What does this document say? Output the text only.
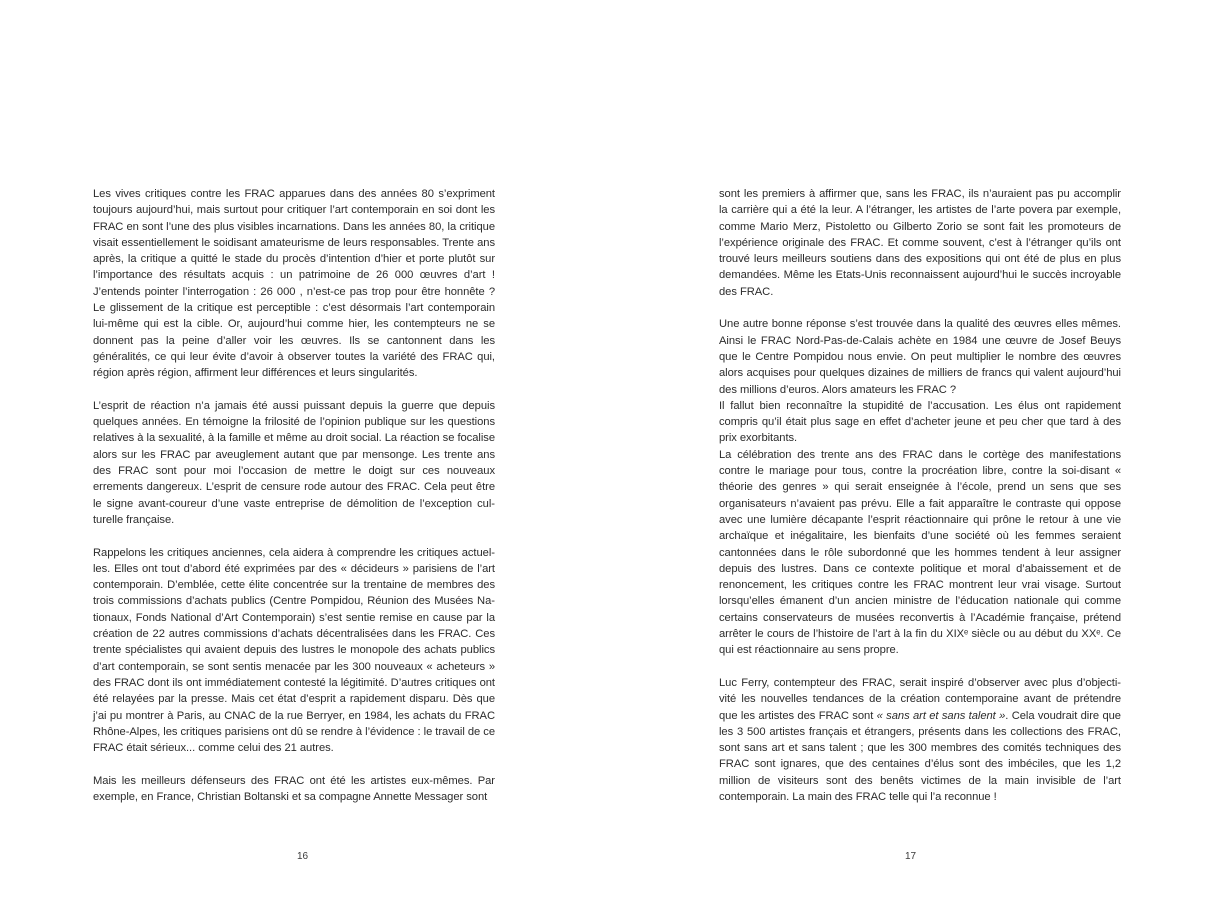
Les vives critiques contre les FRAC apparues dans des années 80 s’expriment toujours aujourd’hui, mais surtout pour critiquer l’art contemporain en soi dont les FRAC en sont l’une des plus visibles incarnations. Dans les années 80, la critique visait essentiellement le soidisant amateurisme de leurs responsables. Trente ans après, la critique a quitté le stade du procès d’intention d’hier et porte plutôt sur l’importance des résultats acquis : un patrimoine de 26 000 œuvres d’art ! J’entends pointer l’interrogation : 26 000 , n’est-ce pas trop pour être honnête ? Le glissement de la critique est perceptible : c’est désormais l’art contemporain lui-même qui est la cible. Or, aujourd’hui comme hier, les contempteurs ne se donnent pas la peine d’aller voir les œuvres. Ils se cantonnent dans les généralités, ce qui leur évite d’avoir à observer toutes la variété des FRAC qui, région après région, affirment leur différences et leurs singularités.

L’esprit de réaction n’a jamais été aussi puissant depuis la guerre que depuis quelques années. En témoigne la frilosité de l’opinion publique sur les questions relatives à la sexualité, à la famille et même au droit social. La réaction se focalise alors sur les FRAC par aveuglement autant que par mensonge. Les trente ans des FRAC sont pour moi l’occasion de mettre le doigt sur ces nouveaux errements dangereux. L’esprit de censure rode autour des FRAC. Cela peut être le signe avant-coureur d’une vaste entreprise de démolition de l’exception culturelle française.

Rappelons les critiques anciennes, cela aidera à comprendre les critiques actuelles. Elles ont tout d’abord été exprimées par des « décideurs » parisiens de l’art contemporain. D’emblée, cette élite concentrée sur la trentaine de membres des trois commissions d’achats publics (Centre Pompidou, Réunion des Musées Nationaux, Fonds National d’Art Contemporain) s’est sentie remise en cause par la création de 22 autres commissions d’achats décentralisées dans les FRAC. Ces trente spécialistes qui avaient depuis des lustres le monopole des achats publics d’art contemporain, se sont sentis menacée par les 300 nouveaux « acheteurs » des FRAC dont ils ont immédiatement contesté la légitimité. D’autres critiques ont été relayées par la presse. Mais cet état d’esprit a rapidement disparu. Dès que j’ai pu montrer à Paris, au CNAC de la rue Berryer, en 1984, les achats du FRAC Rhône-Alpes, les critiques parisiens ont dû se rendre à l’évidence : le travail de ce FRAC était sérieux... comme celui des 21 autres.

Mais les meilleurs défenseurs des FRAC ont été les artistes eux-mêmes. Par exemple, en France, Christian Boltanski et sa compagne Annette Messager sont

sont les premiers à affirmer que, sans les FRAC, ils n’auraient pas pu accomplir la carrière qui a été la leur. A l’étranger, les artistes de l’arte povera par exemple, comme Mario Merz, Pistoletto ou Gilberto Zorio se sont fait les promoteurs de l’expérience originale des FRAC. Et comme souvent, c’est à l’étranger qu’ils ont trouvé leurs meilleurs soutiens dans des expositions qui ont été de plus en plus demandées. Même les Etats-Unis reconnaissent aujourd’hui le succès incroyable des FRAC.

Une autre bonne réponse s’est trouvée dans la qualité des œuvres elles mêmes. Ainsi le FRAC Nord-Pas-de-Calais achète en 1984 une œuvre de Josef Beuys que le Centre Pompidou nous envie. On peut multiplier le nombre des œuvres alors acquises pour quelques dizaines de milliers de francs qui valent aujourd’hui des millions d’euros. Alors amateurs les FRAC ?

Il fallut bien reconnaître la stupidité de l’accusation. Les élus ont rapidement compris qu’il était plus sage en effet d’acheter jeune et peu cher que tard à des prix exorbitants.

La célébration des trente ans des FRAC dans le cortège des manifestations contre le mariage pour tous, contre la procréation libre, contre la soi-disant « théorie des genres » qui serait enseignée à l’école, prend un sens que ses organisateurs n’avaient pas prévu. Elle a fait apparaître le contraste qui oppose avec une lumière décapante l’esprit réactionnaire qui prône le retour à une vie archaïque et inégalitaire, les bienfaits d’une société où les femmes seraient cantonnées dans le rôle subordonné que les hommes tendent à leur assigner depuis des lustres. Dans ce contexte politique et moral d’abaissement et de renoncement, les critiques contre les FRAC montrent leur vrai visage. Surtout lorsqu’elles émanent d’un ancien ministre de l’éducation nationale qui comme certains conservateurs de musées reconvertis à l’Académie française, prétend arrêter le cours de l’histoire de l’art à la fin du XIXᵉ siècle ou au début du XXᵉ. Ce qui est réactionnaire au sens propre.

Luc Ferry, contempteur des FRAC, serait inspiré d’observer avec plus d’objectivité les nouvelles tendances de la création contemporaine avant de prétendre que les artistes des FRAC sont « sans art et sans talent ». Cela voudrait dire que les 3 500 artistes français et étrangers, présents dans les collections des FRAC, sont sans art et sans talent ; que les 300 membres des comités techniques des FRAC sont ignares, que des centaines d’élus sont des imbéciles, que les 1,2 million de visiteurs sont des benêts victimes de la main invisible de l’art contemporain. La main des FRAC telle qui l’a reconnue !

16	17
